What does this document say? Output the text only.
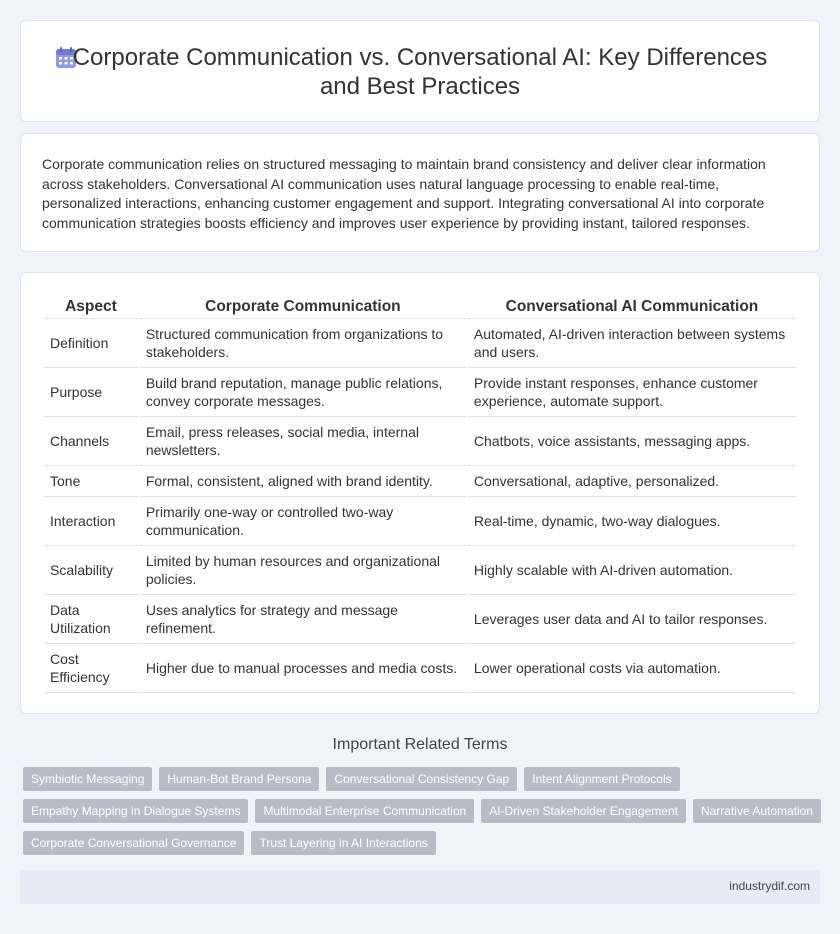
Corporate Communication vs. Conversational AI: Key Differences
and Best Practices

Corporate communication relies on structured messaging to maintain brand consistency and deliver clear information across stakeholders. Conversational AI communication uses natural language processing to enable real-time, personalized interactions, enhancing customer engagement and support. Integrating conversational AI into corporate communication strategies boosts efficiency and improves user experience by providing instant, tailored responses.

Aspect	Corporate Communication	Conversational AI Communication
Definition	Structured communication from organizations to stakeholders.	Automated, AI-driven interaction between systems and users.
Purpose	Build brand reputation, manage public relations, convey corporate messages.	Provide instant responses, enhance customer experience, automate support.
Channels	Email, press releases, social media, internal newsletters.	Chatbots, voice assistants, messaging apps.
Tone	Formal, consistent, aligned with brand identity.	Conversational, adaptive, personalized.
Interaction	Primarily one-way or controlled two-way communication.	Real-time, dynamic, two-way dialogues.
Scalability	Limited by human resources and organizational policies.	Highly scalable with AI-driven automation.
Data Utilization	Uses analytics for strategy and message refinement.	Leverages user data and AI to tailor responses.
Cost Efficiency	Higher due to manual processes and media costs.	Lower operational costs via automation.
Important Related Terms
Symbiotic Messaging	Human-Bot Brand Persona	Conversational Consistency Gap	Intent Alignment Protocols
Empathy Mapping in Dialogue Systems	Multimodal Enterprise Communication	AI-Driven Stakeholder Engagement	Narrative Automation
Corporate Conversational Governance	Trust Layering in AI Interactions
industrydif.com
